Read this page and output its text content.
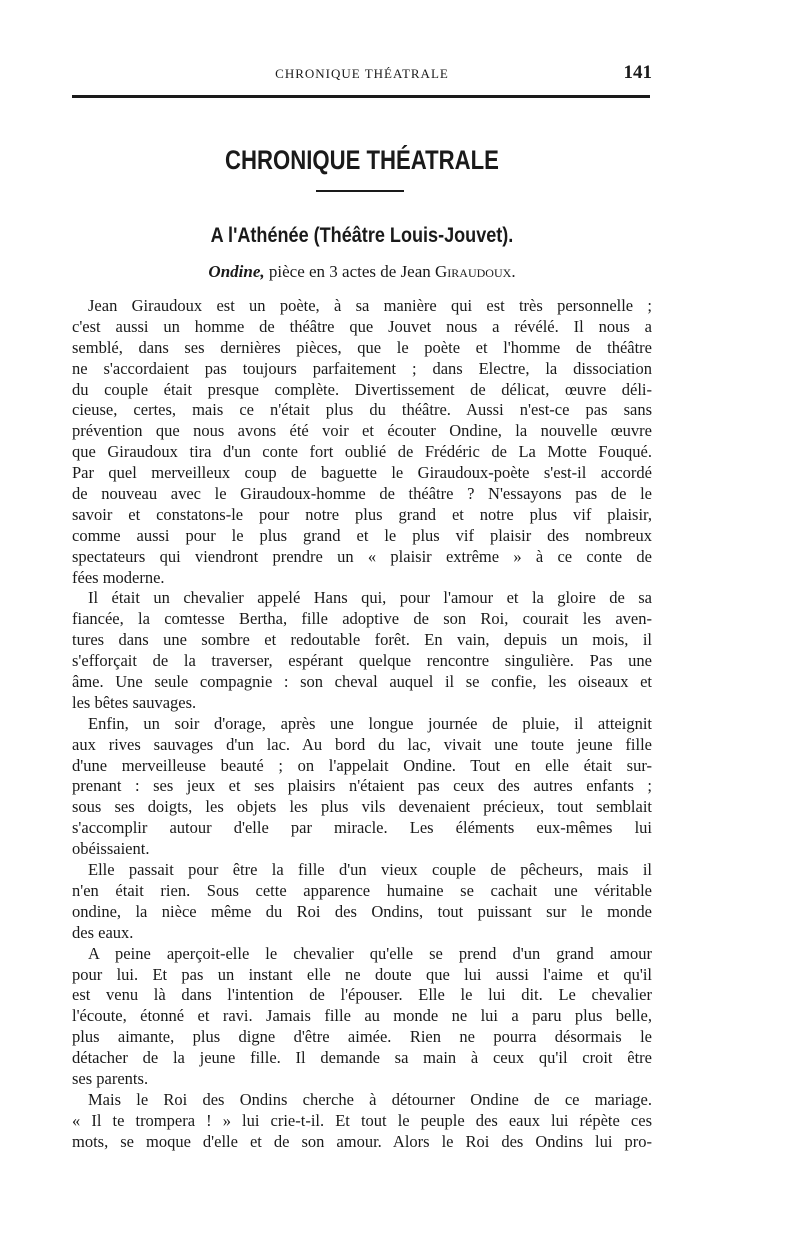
CHRONIQUE THÉATRALE	141
CHRONIQUE THÉATRALE
A l'Athénée (Théâtre Louis-Jouvet).
Ondine, pièce en 3 actes de Jean Giraudoux.
Jean Giraudoux est un poète, à sa manière qui est très personnelle ;
c'est aussi un homme de théâtre que Jouvet nous a révélé. Il nous a
semblé, dans ses dernières pièces, que le poète et l'homme de théâtre
ne s'accordaient pas toujours parfaitement ; dans Electre, la dissociation
du couple était presque complète. Divertissement de délicat, œuvre déli-
cieuse, certes, mais ce n'était plus du théâtre. Aussi n'est-ce pas sans
prévention que nous avons été voir et écouter Ondine, la nouvelle œuvre
que Giraudoux tira d'un conte fort oublié de Frédéric de La Motte Fouqué.
Par quel merveilleux coup de baguette le Giraudoux-poète s'est-il accordé
de nouveau avec le Giraudoux-homme de théâtre ? N'essayons pas de le
savoir et constatons-le pour notre plus grand et notre plus vif plaisir,
comme aussi pour le plus grand et le plus vif plaisir des nombreux
spectateurs qui viendront prendre un « plaisir extrême » à ce conte de
fées moderne.
Il était un chevalier appelé Hans qui, pour l'amour et la gloire de sa
fiancée, la comtesse Bertha, fille adoptive de son Roi, courait les aven-
tures dans une sombre et redoutable forêt. En vain, depuis un mois, il
s'efforçait de la traverser, espérant quelque rencontre singulière. Pas une
âme. Une seule compagnie : son cheval auquel il se confie, les oiseaux et
les bêtes sauvages.
Enfin, un soir d'orage, après une longue journée de pluie, il atteignit
aux rives sauvages d'un lac. Au bord du lac, vivait une toute jeune fille
d'une merveilleuse beauté ; on l'appelait Ondine. Tout en elle était sur-
prenant : ses jeux et ses plaisirs n'étaient pas ceux des autres enfants ;
sous ses doigts, les objets les plus vils devenaient précieux, tout semblait
s'accomplir autour d'elle par miracle. Les éléments eux-mêmes lui
obéissaient.
Elle passait pour être la fille d'un vieux couple de pêcheurs, mais il
n'en était rien. Sous cette apparence humaine se cachait une véritable
ondine, la nièce même du Roi des Ondins, tout puissant sur le monde
des eaux.
A peine aperçoit-elle le chevalier qu'elle se prend d'un grand amour
pour lui. Et pas un instant elle ne doute que lui aussi l'aime et qu'il
est venu là dans l'intention de l'épouser. Elle le lui dit. Le chevalier
l'écoute, étonné et ravi. Jamais fille au monde ne lui a paru plus belle,
plus aimante, plus digne d'être aimée. Rien ne pourra désormais le
détacher de la jeune fille. Il demande sa main à ceux qu'il croit être
ses parents.
Mais le Roi des Ondins cherche à détourner Ondine de ce mariage.
« Il te trompera ! » lui crie-t-il. Et tout le peuple des eaux lui répète ces
mots, se moque d'elle et de son amour. Alors le Roi des Ondins lui pro-
